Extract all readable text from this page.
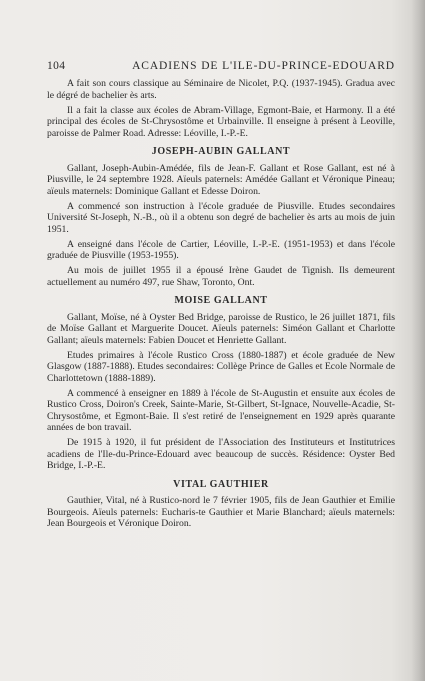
104	ACADIENS DE L'ILE-DU-PRINCE-EDOUARD

A fait son cours classique au Séminaire de Nicolet, P.Q. (1937-1945). Gradua avec le dégré de bachelier ès arts.

Il a fait la classe aux écoles de Abram-Village, Egmont-Baie, et Harmony. Il a été principal des écoles de St-Chrysostôme et Urbainville. Il enseigne à présent à Leoville, paroisse de Palmer Road. Adresse: Léoville, I.-P.-E.

JOSEPH-AUBIN GALLANT

Gallant, Joseph-Aubin-Amédée, fils de Jean-F. Gallant et Rose Gallant, est né à Piusville, le 24 septembre 1928. Aïeuls paternels: Amédée Gallant et Véronique Pineau; aïeuls maternels: Dominique Gallant et Edesse Doiron.

A commencé son instruction à l'école graduée de Piusville. Etudes secondaires Université St-Joseph, N.-B., où il a obtenu son degré de bachelier ès arts au mois de juin 1951.

A enseigné dans l'école de Cartier, Léoville, I.-P.-E. (1951-1953) et dans l'école graduée de Piusville (1953-1955).

Au mois de juillet 1955 il a épousé Irène Gaudet de Tignish. Ils demeurent actuellement au numéro 497, rue Shaw, Toronto, Ont.

MOISE GALLANT

Gallant, Moïse, né à Oyster Bed Bridge, paroisse de Rustico, le 26 juillet 1871, fils de Moïse Gallant et Marguerite Doucet. Aïeuls paternels: Siméon Gallant et Charlotte Gallant; aïeuls maternels: Fabien Doucet et Henriette Gallant.

Etudes primaires à l'école Rustico Cross (1880-1887) et école graduée de New Glasgow (1887-1888). Etudes secondaires: Collège Prince de Galles et Ecole Normale de Charlottetown (1888-1889).

A commencé à enseigner en 1889 à l'école de St-Augustin et ensuite aux écoles de Rustico Cross, Doiron's Creek, Sainte-Marie, St-Gilbert, St-Ignace, Nouvelle-Acadie, St-Chrysostôme, et Egmont-Baie. Il s'est retiré de l'enseignement en 1929 après quarante années de bon travail.

De 1915 à 1920, il fut président de l'Association des Instituteurs et Institutrices acadiens de l'Ile-du-Prince-Edouard avec beaucoup de succès. Résidence: Oyster Bed Bridge, I.-P.-E.

VITAL GAUTHIER

Gauthier, Vital, né à Rustico-nord le 7 février 1905, fils de Jean Gauthier et Emilie Bourgeois. Aïeuls paternels: Eucharis-te Gauthier et Marie Blanchard; aïeuls maternels: Jean Bourgeois et Véronique Doiron.
